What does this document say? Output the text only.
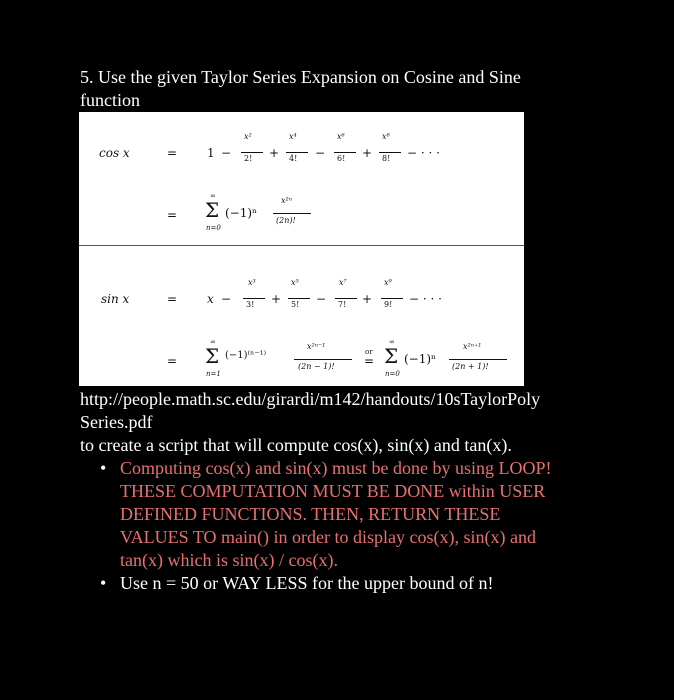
5. Use the given Taylor Series Expansion on Cosine and Sine
function
cos x	= 1 −
x²
2! +
x⁴
4! −
x⁶
6! +
x⁸
8! − · · ·
=
∞
Σ
n=0
(−1)ⁿ
x²ⁿ
(2n)!
sin x	= x −
x³
3! +
x⁵
5! −
x⁷
7! +
x⁹
9! − · · ·
=
∞
Σ
n=1
(−1)⁽ⁿ⁻¹⁾
x²ⁿ⁻¹
(2n − 1)!
or
=
∞
Σ
n=0
(−1)ⁿ
x²ⁿ⁺¹
(2n + 1)!
http://people.math.sc.edu/girardi/m142/handouts/10sTaylorPoly
Series.pdf
to create a script that will compute cos(x), sin(x) and tan(x).
• Computing cos(x) and sin(x) must be done by using LOOP!
THESE COMPUTATION MUST BE DONE within USER
DEFINED FUNCTIONS. THEN, RETURN THESE
VALUES TO main() in order to display cos(x), sin(x) and
tan(x) which is sin(x) / cos(x).
• Use n = 50 or WAY LESS for the upper bound of n!
